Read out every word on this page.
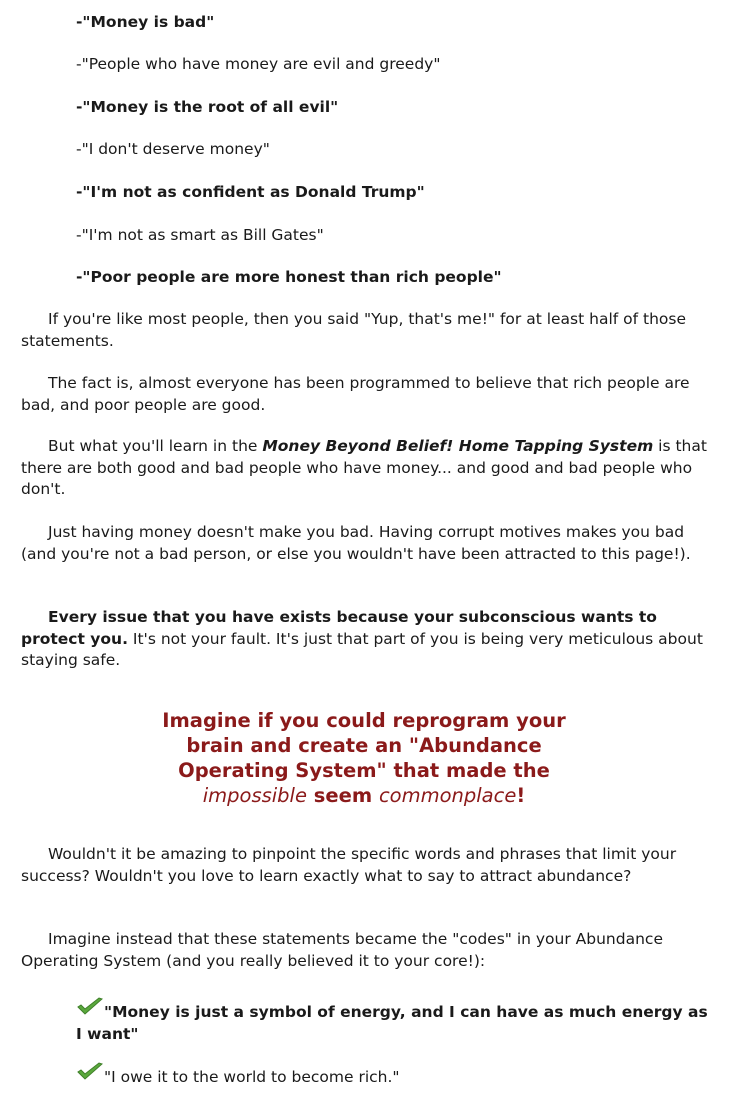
-"Money is bad"
-"People who have money are evil and greedy"
-"Money is the root of all evil"
-"I don't deserve money"
-"I'm not as confident as Donald Trump"
-"I'm not as smart as Bill Gates"
-"Poor people are more honest than rich people"

If you're like most people, then you said "Yup, that's me!" for at least half of those statements.

The fact is, almost everyone has been programmed to believe that rich people are bad, and poor people are good.

But what you'll learn in the Money Beyond Belief! Home Tapping System is that there are both good and bad people who have money... and good and bad people who don't.

Just having money doesn't make you bad. Having corrupt motives makes you bad (and you're not a bad person, or else you wouldn't have been attracted to this page!).

Every issue that you have exists because your subconscious wants to protect you. It's not your fault. It's just that part of you is being very meticulous about staying safe.

Imagine if you could reprogram your brain and create an "Abundance Operating System" that made the impossible seem commonplace!

Wouldn't it be amazing to pinpoint the specific words and phrases that limit your success? Wouldn't you love to learn exactly what to say to attract abundance?

Imagine instead that these statements became the "codes" in your Abundance Operating System (and you really believed it to your core!):

"Money is just a symbol of energy, and I can have as much energy as I want"
"I owe it to the world to become rich."
